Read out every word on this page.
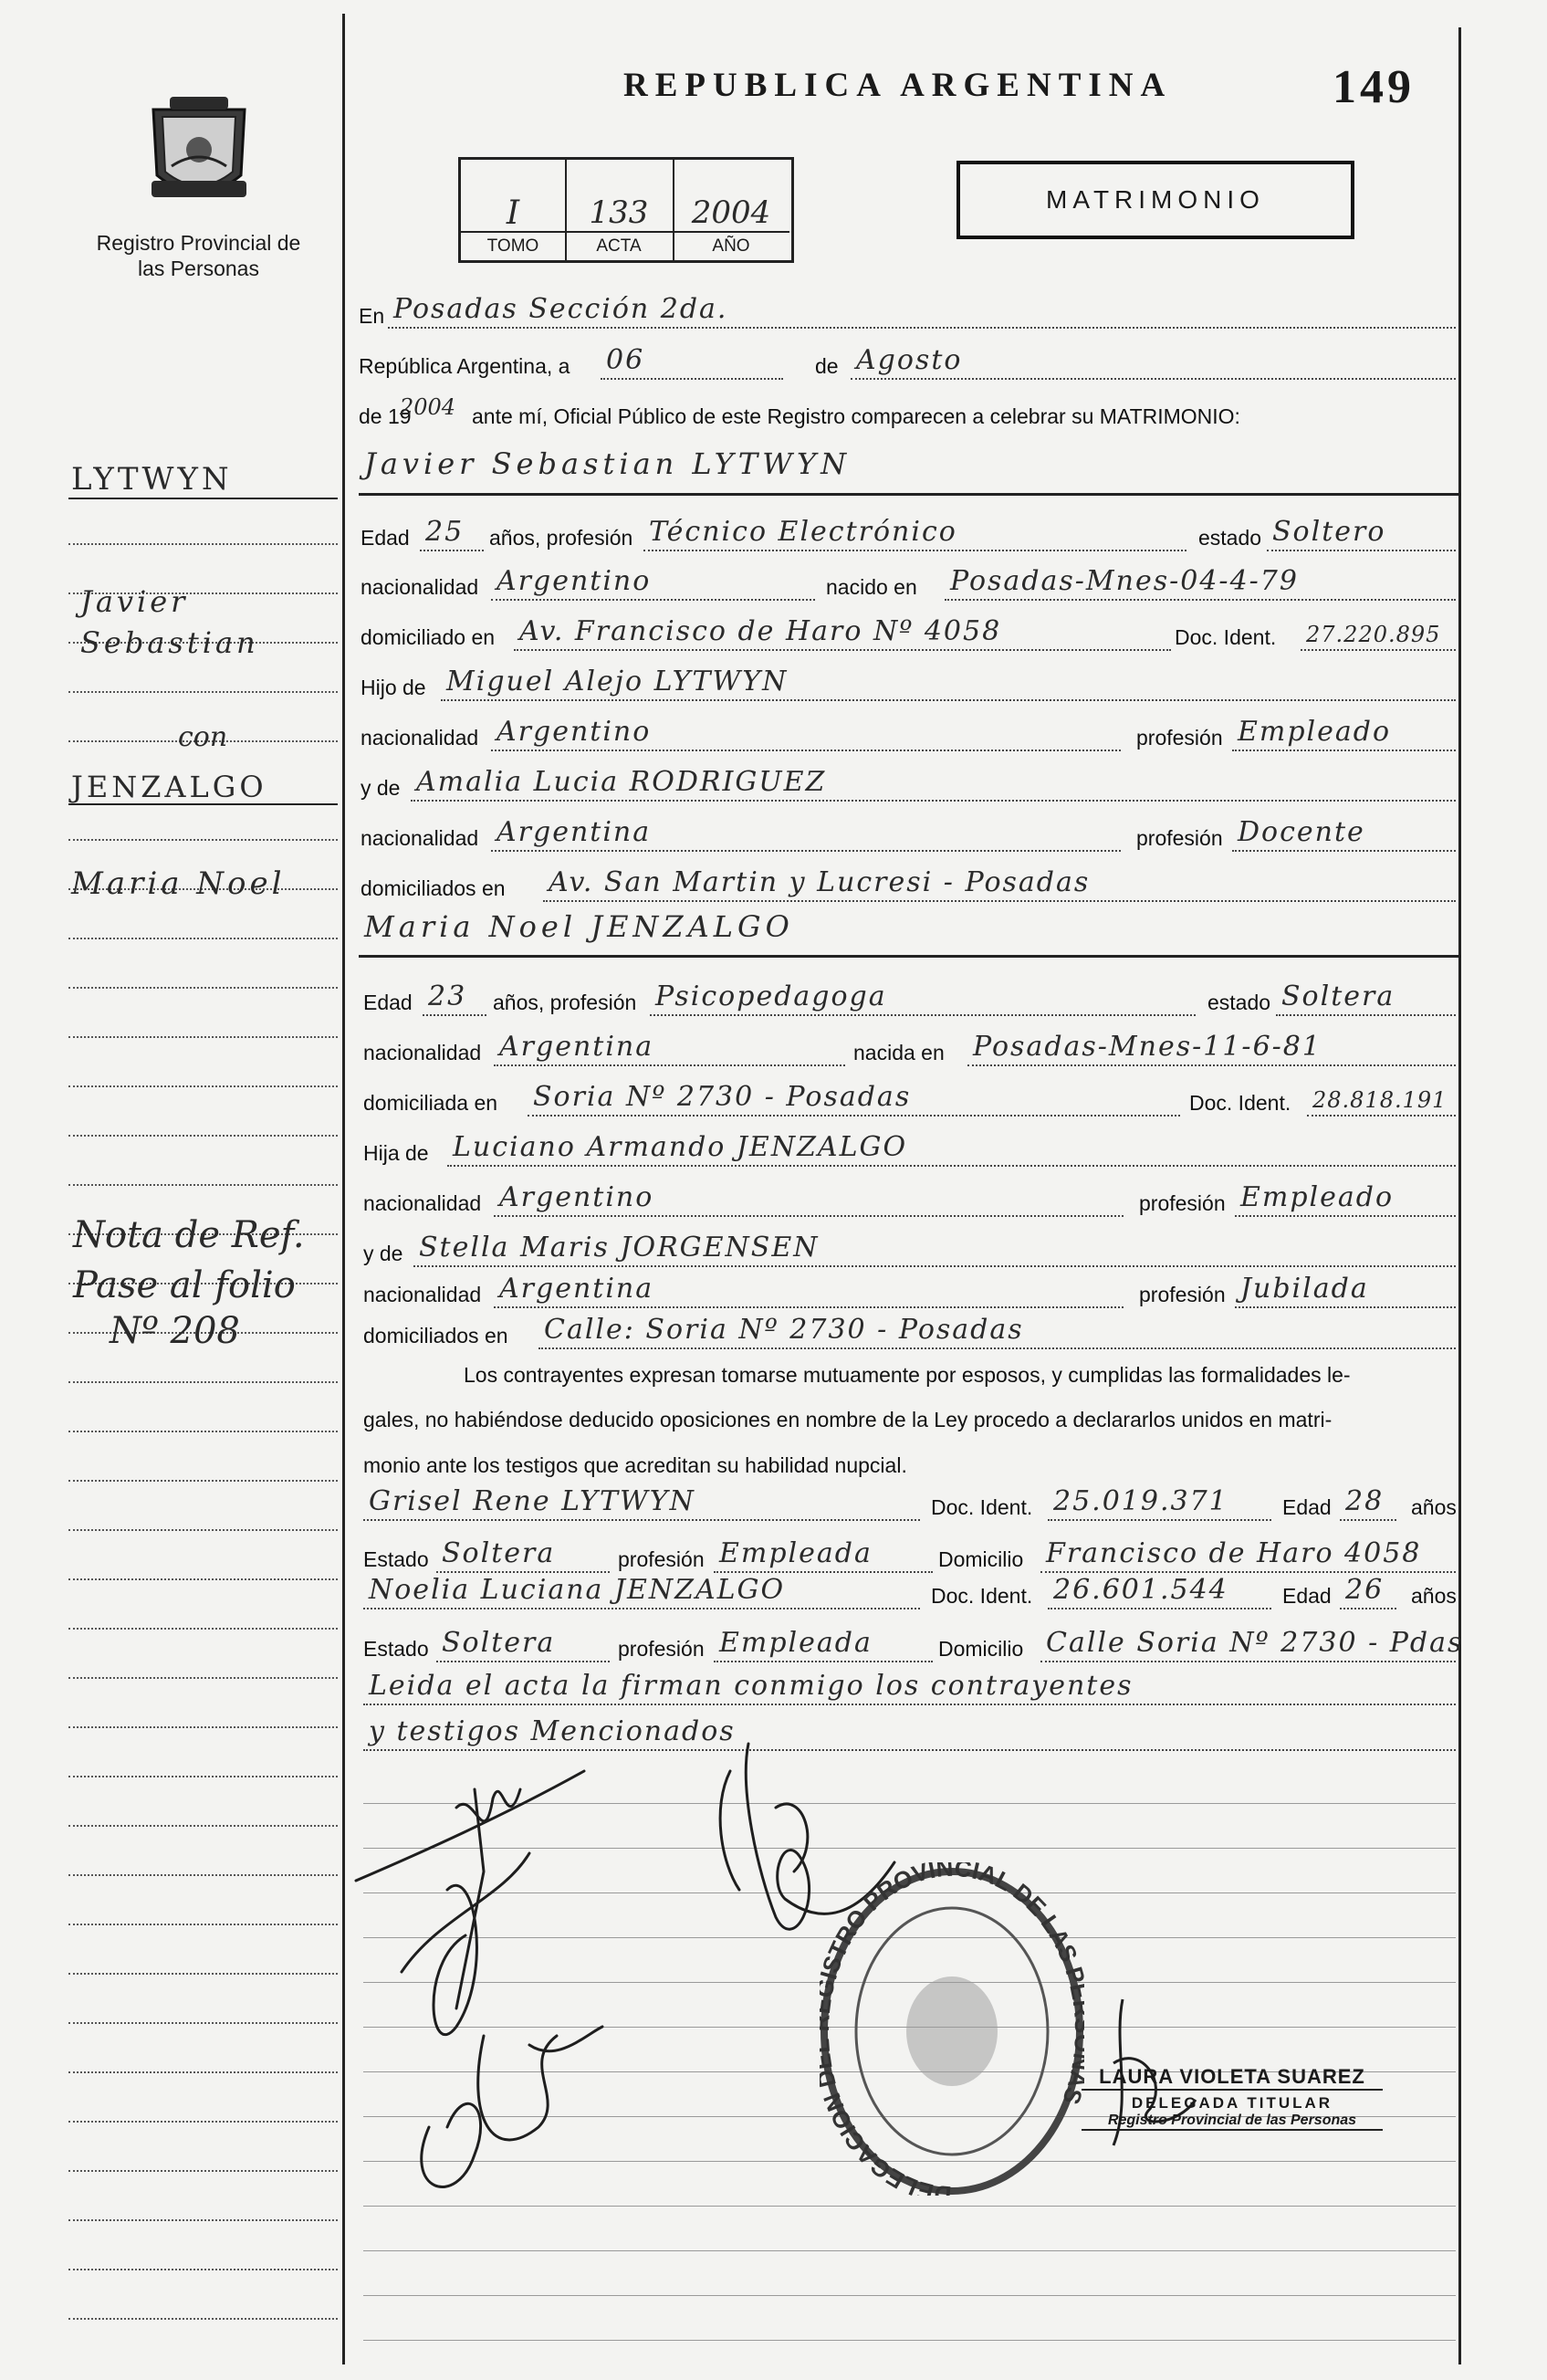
Registro Provincial de las Personas
REPUBLICA ARGENTINA	149
I
TOMO
133
ACTA
2004
AÑO
MATRIMONIO
En Posadas Sección 2da.
República Argentina, a 06	de Agosto
de 19
2004 ante mí, Oficial Público de este Registro comparecen a celebrar su MATRIMONIO:
Javier Sebastian LYTWYN
Edad 25 años, profesión Técnico Electrónico	estado Soltero
nacionalidad Argentino	nacido en Posadas-Mnes-04-4-79
domiciliado en Av. Francisco de Haro Nº 4058	Doc. Ident. 27.220.895
Hijo de Miguel Alejo LYTWYN
nacionalidad Argentino	profesión Empleado
y de Amalia Lucia RODRIGUEZ
nacionalidad Argentina	profesión Docente
domiciliados en Av. San Martin y Lucresi - Posadas
Maria Noel JENZALGO
Edad 23 años, profesión Psicopedagoga	estado Soltera
nacionalidad Argentina	nacida en Posadas-Mnes-11-6-81
domiciliada en Soria Nº 2730 - Posadas	Doc. Ident. 28.818.191
Hija de Luciano Armando JENZALGO
nacionalidad Argentino	profesión Empleado
y de Stella Maris JORGENSEN
nacionalidad Argentina	profesión Jubilada
domiciliados en Calle: Soria Nº 2730 - Posadas
Los contrayentes expresan tomarse mutuamente por esposos, y cumplidas las formalidades le-
gales, no habiéndose deducido oposiciones en nombre de la Ley procedo a declararlos unidos en matri-
monio ante los testigos que acreditan su habilidad nupcial.
Grisel Rene LYTWYN	Doc. Ident. 25.019.371	Edad 28 años
Estado Soltera	profesión Empleada	Domicilio Francisco de Haro 4058
Noelia Luciana JENZALGO	Doc. Ident. 26.601.544	Edad 26 años
Estado Soltera	profesión Empleada	Domicilio Calle Soria Nº 2730 - Pdas
Leida el acta la firman conmigo los contrayentes
y testigos Mencionados
LYTWYN
Javier
Sebastian
con
JENZALGO
Maria Noel
Nota de Ref.
Pase al folio
Nº 208
DELEGACION STRO PROVINCIAL DE LAS
LAURA VIOLETA SUAREZ
DELEGADA TITULAR
Registro Provincial de las Personas
